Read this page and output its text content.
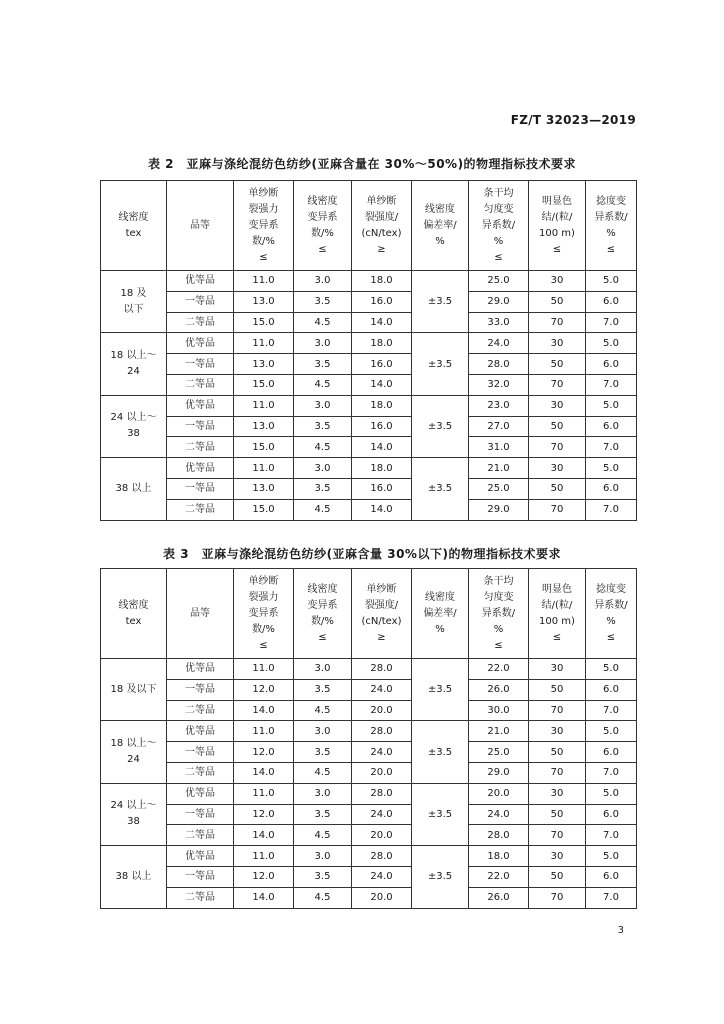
FZ/T 32023—2019
表 2　亚麻与涤纶混纺色纺纱(亚麻含量在 30%～50%)的物理指标技术要求
线密度
tex	品等	单纱断
裂强力
变异系
数/%
≤	线密度
变异系
数/%
≤	单纱断
裂强度/
(cN/tex)
≥	线密度
偏差率/
%	条干均
匀度变
异系数/
%
≤	明显色
结/(粒/
100 m)
≤	捻度变
异系数/
%
≤

18 及
以下	优等品	11.0	3.0	18.0	±3.5	25.0	30	5.0
	一等品	13.0	3.5	16.0		29.0	50	6.0
	二等品	15.0	4.5	14.0		33.0	70	7.0

18 以上～
24	优等品	11.0	3.0	18.0	±3.5	24.0	30	5.0
	一等品	13.0	3.5	16.0		28.0	50	6.0
	二等品	15.0	4.5	14.0		32.0	70	7.0

24 以上～
38	优等品	11.0	3.0	18.0	±3.5	23.0	30	5.0
	一等品	13.0	3.5	16.0		27.0	50	6.0
	二等品	15.0	4.5	14.0		31.0	70	7.0

38 以上	优等品	11.0	3.0	18.0	±3.5	21.0	30	5.0
	一等品	13.0	3.5	16.0		25.0	50	6.0
	二等品	15.0	4.5	14.0		29.0	70	7.0
表 3　亚麻与涤纶混纺色纺纱(亚麻含量 30%以下)的物理指标技术要求
线密度
tex	品等	单纱断
裂强力
变异系
数/%
≤	线密度
变异系
数/%
≤	单纱断
裂强度/
(cN/tex)
≥	线密度
偏差率/
%	条干均
匀度变
异系数/
%
≤	明显色
结/(粒/
100 m)
≤	捻度变
异系数/
%
≤

18 及以下	优等品	11.0	3.0	28.0	±3.5	22.0	30	5.0
	一等品	12.0	3.5	24.0		26.0	50	6.0
	二等品	14.0	4.5	20.0		30.0	70	7.0

18 以上～
24	优等品	11.0	3.0	28.0	±3.5	21.0	30	5.0
	一等品	12.0	3.5	24.0		25.0	50	6.0
	二等品	14.0	4.5	20.0		29.0	70	7.0

24 以上～
38	优等品	11.0	3.0	28.0	±3.5	20.0	30	5.0
	一等品	12.0	3.5	24.0		24.0	50	6.0
	二等品	14.0	4.5	20.0		28.0	70	7.0

38 以上	优等品	11.0	3.0	28.0	±3.5	18.0	30	5.0
	一等品	12.0	3.5	24.0		22.0	50	6.0
	二等品	14.0	4.5	20.0		26.0	70	7.0
3
